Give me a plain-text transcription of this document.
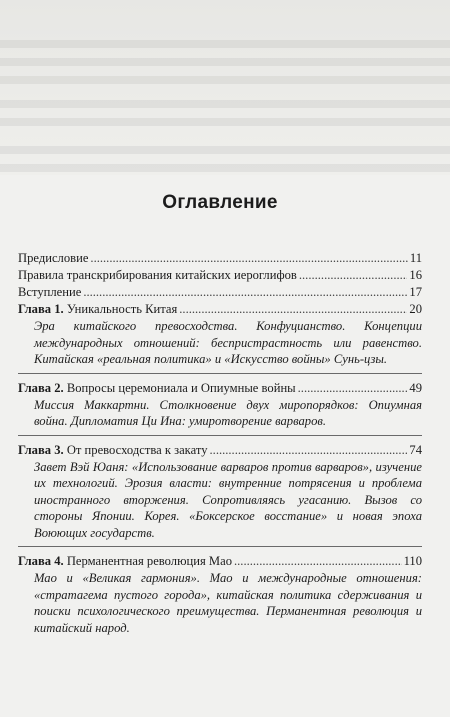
Оглавление
Предисловие .....	11
Правила транскрибирования китайских иероглифов .....	16
Вступление .....	17
Глава 1. Уникальность Китая .....	20

Эра китайского превосходства. Конфуцианство. Концепции международных отношений: беспристрастность или равенство. Китайская «реальная политика» и «Искусство войны» Сунь-цзы.

Глава 2. Вопросы церемониала и Опиумные войны .....	49

Миссия Маккартни. Столкновение двух миропорядков: Опиумная война. Дипломатия Ци Ина: умиротворение варваров.

Глава 3. От превосходства к закату .....	74

Завет Вэй Юаня: «Использование варваров против варваров», изучение их технологий. Эрозия власти: внутренние потрясения и проблема иностранного вторжения. Сопротивляясь угасанию. Вызов со стороны Японии. Корея. «Боксерское восстание» и новая эпоха Воюющих государств.

Глава 4. Перманентная революция Мао .....	110

Мао и «Великая гармония». Мао и международные отношения: «стратагема пустого города», китайская политика сдерживания и поиски психологического преимущества. Перманентная революция и китайский народ.
